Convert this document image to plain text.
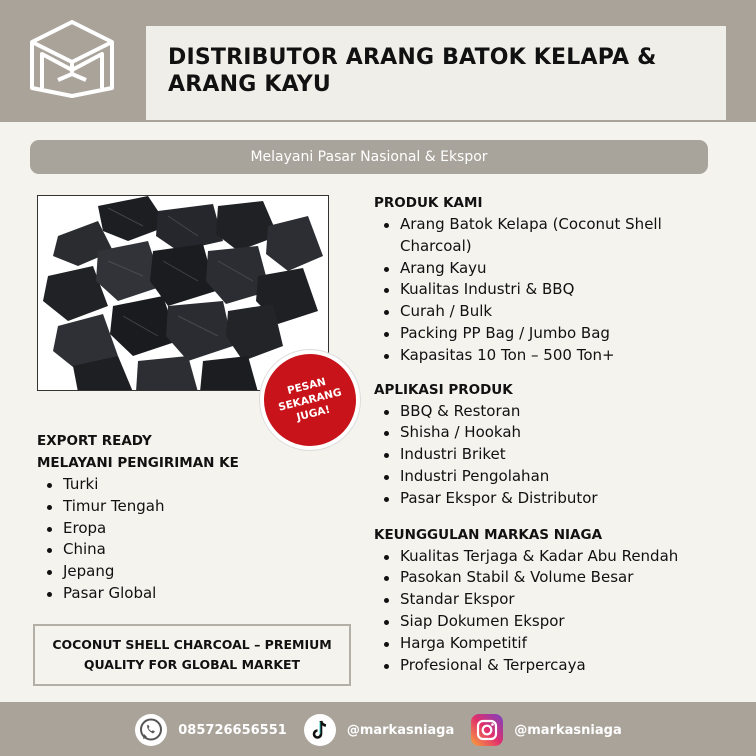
DISTRIBUTOR ARANG BATOK KELAPA & ARANG KAYU
Melayani Pasar Nasional & Ekspor
PESAN
SEKARANG
JUGA!
PRODUK KAMI
Arang Batok Kelapa (Coconut Shell Charcoal)
Arang Kayu
Kualitas Industri & BBQ
Curah / Bulk
Packing PP Bag / Jumbo Bag
Kapasitas 10 Ton – 500 Ton+
APLIKASI PRODUK
BBQ & Restoran
Shisha / Hookah
Industri Briket
Industri Pengolahan
Pasar Ekspor & Distributor
KEUNGGULAN MARKAS NIAGA
Kualitas Terjaga & Kadar Abu Rendah
Pasokan Stabil & Volume Besar
Standar Ekspor
Siap Dokumen Ekspor
Harga Kompetitif
Profesional & Terpercaya
EXPORT READY
MELAYANI PENGIRIMAN KE
Turki
Timur Tengah
Eropa
China
Jepang
Pasar Global
COCONUT SHELL CHARCOAL – PREMIUM QUALITY FOR GLOBAL MARKET
085726656551	@markasniaga	@markasniaga
